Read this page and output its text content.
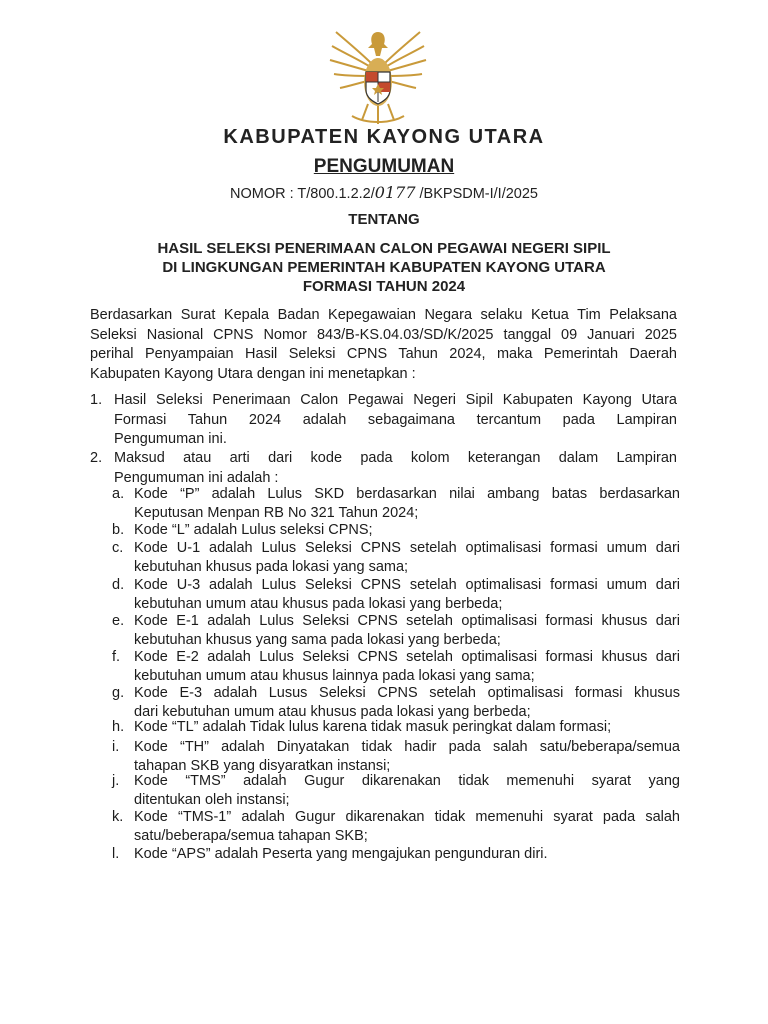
KABUPATEN KAYONG UTARA
PENGUMUMAN
NOMOR : T/800.1.2.2/0177 /BKPSDM-I/I/2025
TENTANG
HASIL SELEKSI PENERIMAAN CALON PEGAWAI NEGERI SIPIL
DI LINGKUNGAN PEMERINTAH KABUPATEN KAYONG UTARA
FORMASI TAHUN 2024
Berdasarkan Surat Kepala Badan Kepegawaian Negara selaku Ketua Tim Pelaksana
Seleksi Nasional CPNS Nomor 843/B-KS.04.03/SD/K/2025 tanggal 09 Januari 2025
perihal Penyampaian Hasil Seleksi CPNS Tahun 2024, maka Pemerintah Daerah
Kabupaten Kayong Utara dengan ini menetapkan :
1. Hasil Seleksi Penerimaan Calon Pegawai Negeri Sipil Kabupaten Kayong Utara
Formasi Tahun 2024 adalah sebagaimana tercantum pada Lampiran
Pengumuman ini.
2. Maksud atau arti dari kode pada kolom keterangan dalam Lampiran
Pengumuman ini adalah :
a. Kode “P” adalah Lulus SKD berdasarkan nilai ambang batas berdasarkan
Keputusan Menpan RB No 321 Tahun 2024;
b. Kode “L” adalah Lulus seleksi CPNS;
c. Kode U-1 adalah Lulus Seleksi CPNS setelah optimalisasi formasi umum dari
kebutuhan khusus pada lokasi yang sama;
d. Kode U-3 adalah Lulus Seleksi CPNS setelah optimalisasi formasi umum dari
kebutuhan umum atau khusus pada lokasi yang berbeda;
e. Kode E-1 adalah Lulus Seleksi CPNS setelah optimalisasi formasi khusus dari
kebutuhan khusus yang sama pada lokasi yang berbeda;
f. Kode E-2 adalah Lulus Seleksi CPNS setelah optimalisasi formasi khusus dari
kebutuhan umum atau khusus lainnya pada lokasi yang sama;
g. Kode E-3 adalah Lusus Seleksi CPNS setelah optimalisasi formasi khusus
dari kebutuhan umum atau khusus pada lokasi yang berbeda;
h. Kode “TL” adalah Tidak lulus karena tidak masuk peringkat dalam formasi;
i. Kode “TH” adalah Dinyatakan tidak hadir pada salah satu/beberapa/semua
tahapan SKB yang disyaratkan instansi;
j. Kode “TMS” adalah Gugur dikarenakan tidak memenuhi syarat yang
ditentukan oleh instansi;
k. Kode “TMS-1” adalah Gugur dikarenakan tidak memenuhi syarat pada salah
satu/beberapa/semua tahapan SKB;
l. Kode “APS” adalah Peserta yang mengajukan pengunduran diri.
